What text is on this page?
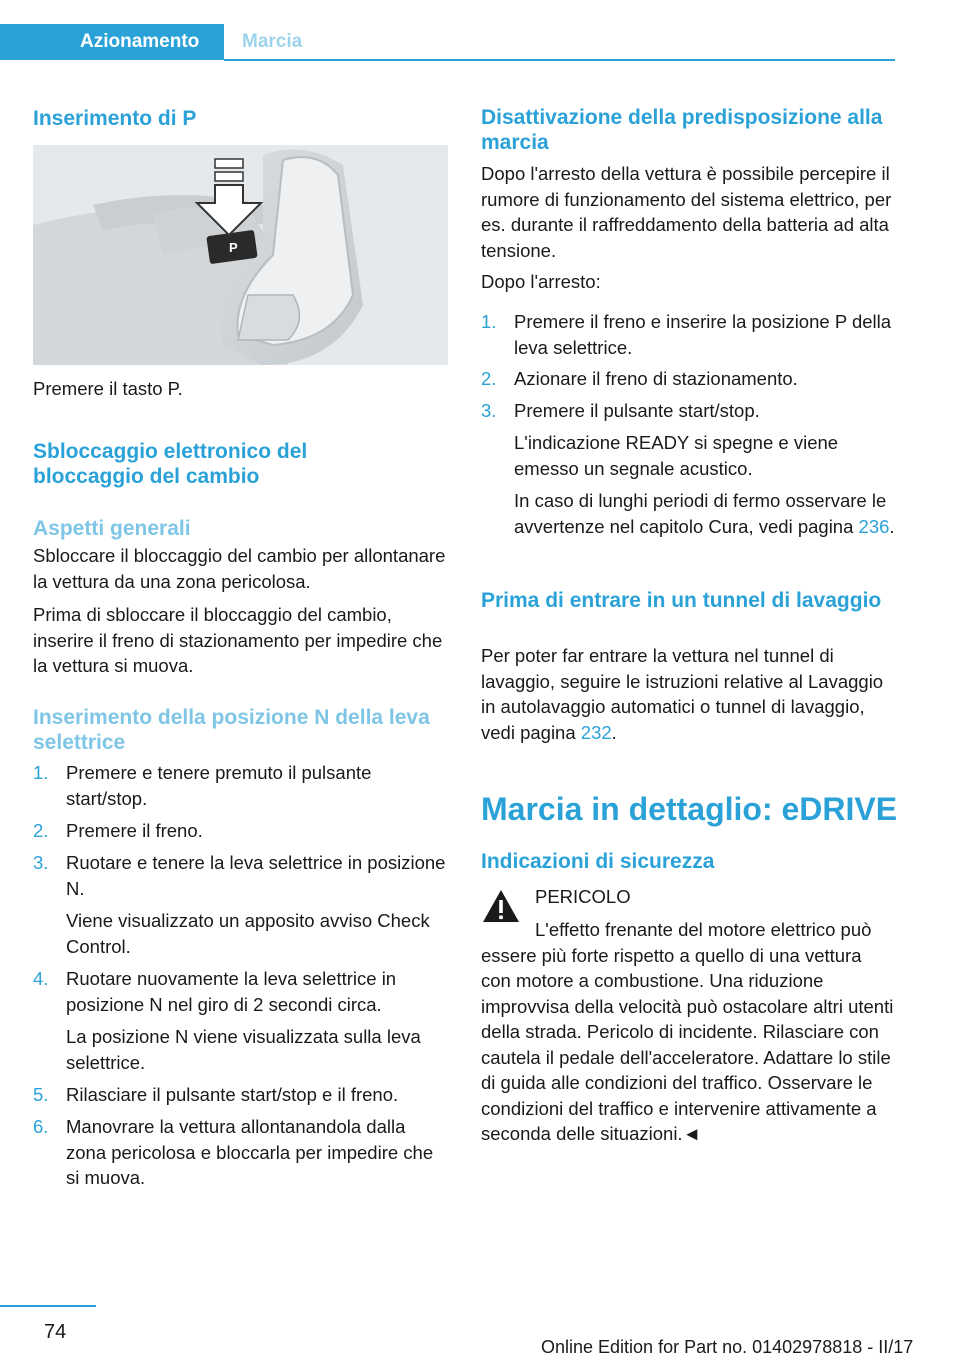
Azionamento	Marcia
Inserimento di P
P

Premere il tasto P.

Sbloccaggio elettronico del bloccaggio del cambio
Aspetti generali

Sbloccare il bloccaggio del cambio per allontanare la vettura da una zona pericolosa.

Prima di sbloccare il bloccaggio del cambio, inserire il freno di stazionamento per impedire che la vettura si muova.

Inserimento della posizione N della leva selettrice
1. Premere e tenere premuto il pulsante start/stop.
2. Premere il freno.
3. Ruotare e tenere la leva selettrice in posizione N.
Viene visualizzato un apposito avviso Check Control.
4. Ruotare nuovamente la leva selettrice in posizione N nel giro di 2 secondi circa.
La posizione N viene visualizzata sulla leva selettrice.
5. Rilasciare il pulsante start/stop e il freno.
6. Manovrare la vettura allontanandola dalla zona pericolosa e bloccarla per impedire che si muova.
Disattivazione della predisposizione alla marcia

Dopo l'arresto della vettura è possibile percepire il rumore di funzionamento del sistema elettrico, per es. durante il raffreddamento della batteria ad alta tensione.

Dopo l'arresto:

1. Premere il freno e inserire la posizione P della leva selettrice.
2. Azionare il freno di stazionamento.
3. Premere il pulsante start/stop.
L'indicazione READY si spegne e viene emesso un segnale acustico.
In caso di lunghi periodi di fermo osservare le avvertenze nel capitolo Cura, vedi pagina 236.
Prima di entrare in un tunnel di lavaggio

Per poter far entrare la vettura nel tunnel di lavaggio, seguire le istruzioni relative al Lavaggio in autolavaggio automatici o tunnel di lavaggio, vedi pagina 232.

Marcia in dettaglio: eDRIVE
Indicazioni di sicurezza

PERICOLO

L'effetto frenante del motore elettrico può essere più forte rispetto a quello di una vettura con motore a combustione. Una riduzione improvvisa della velocità può ostacolare altri utenti della strada. Pericolo di incidente. Rilasciare con cautela il pedale dell'acceleratore. Adattare lo stile di guida alle condizioni del traffico. Osservare le condizioni del traffico e intervenire attivamente a seconda delle situazioni.◄

74
Online Edition for Part no. 01402978818 - II/17
